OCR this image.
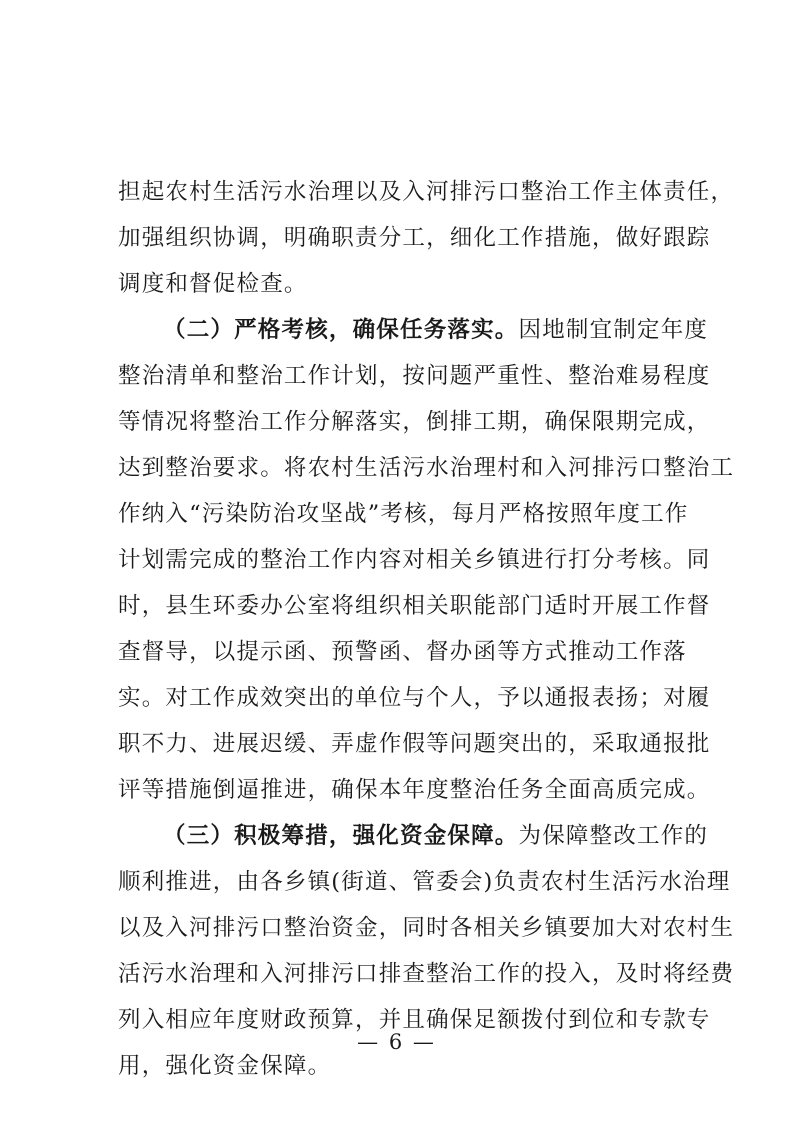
担起农村生活污水治理以及入河排污口整治工作主体责任，
加强组织协调，明确职责分工，细化工作措施，做好跟踪
调度和督促检查。
（二）严格考核，确保任务落实。因地制宜制定年度
整治清单和整治工作计划，按问题严重性、整治难易程度
等情况将整治工作分解落实，倒排工期，确保限期完成，
达到整治要求。将农村生活污水治理村和入河排污口整治工
作纳入“污染防治攻坚战”考核，每月严格按照年度工作
计划需完成的整治工作内容对相关乡镇进行打分考核。同
时，县生环委办公室将组织相关职能部门适时开展工作督
查督导，以提示函、预警函、督办函等方式推动工作落
实。对工作成效突出的单位与个人，予以通报表扬；对履
职不力、进展迟缓、弄虚作假等问题突出的，采取通报批
评等措施倒逼推进，确保本年度整治任务全面高质完成。
（三）积极筹措，强化资金保障。为保障整改工作的
顺利推进，由各乡镇(街道、管委会)负责农村生活污水治理
以及入河排污口整治资金，同时各相关乡镇要加大对农村生
活污水治理和入河排污口排查整治工作的投入，及时将经费
列入相应年度财政预算，并且确保足额拨付到位和专款专
用，强化资金保障。
— 6 —
